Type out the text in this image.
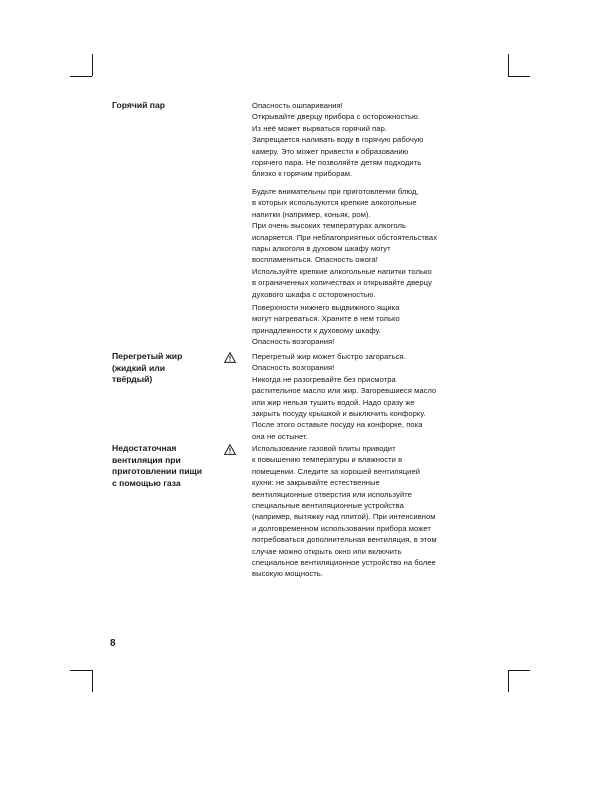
Горячий пар	Опасность ошпаривания!
Открывайте дверцу прибора с осторожностью.
Из неё может вырваться горячий пар.
Запрещается наливать воду в горячую рабочую
камеру. Это может привести к образованию
горячего пара. Не позволяйте детям подходить
близко к горячим приборам.

Будьте внимательны при приготовлении блюд,
в которых используются крепкие алкогольные
напитки (например, коньяк, ром).
При очень высоких температурах алкоголь
испаряется. При неблагоприятных обстоятельствах
пары алкоголя в духовом шкафу могут
воспламениться. Опасность ожога!
Используйте крепкие алкогольные напитки только
в ограниченных количествах и открывайте дверцу
духового шкафа с осторожностью.

Поверхности нижнего выдвижного ящика
могут нагреваться. Храните в нем только
принадлежности к духовому шкафу.
Опасность возгорания!

Перегретый жир
(жидкий или
твёрдый)

Перегретый жир может быстро загораться.
Опасность возгорания!
Никогда не разогревайте без присмотра
растительное масло или жир. Загоревшиеся масло
или жир нельзя тушить водой. Надо сразу же
закрыть посуду крышкой и выключить конфорку.
После этого оставьте посуду на конфорке, пока
она не остынет.

Недостаточная
вентиляция при
приготовлении пищи
с помощью газа

Использование газовой плиты приводит
к повышению температуры и влажности в
помещении. Следите за хорошей вентиляцией
кухни: не закрывайте естественные
вентиляционные отверстия или используйте
специальные вентиляционные устройства
(например, вытяжку над плитой). При интенсивном
и долговременном использовании прибора может
потребоваться дополнительная вентиляция, в этом
случае можно открыть окно или включить
специальное вентиляционное устройство на более
высокую мощность.

8
